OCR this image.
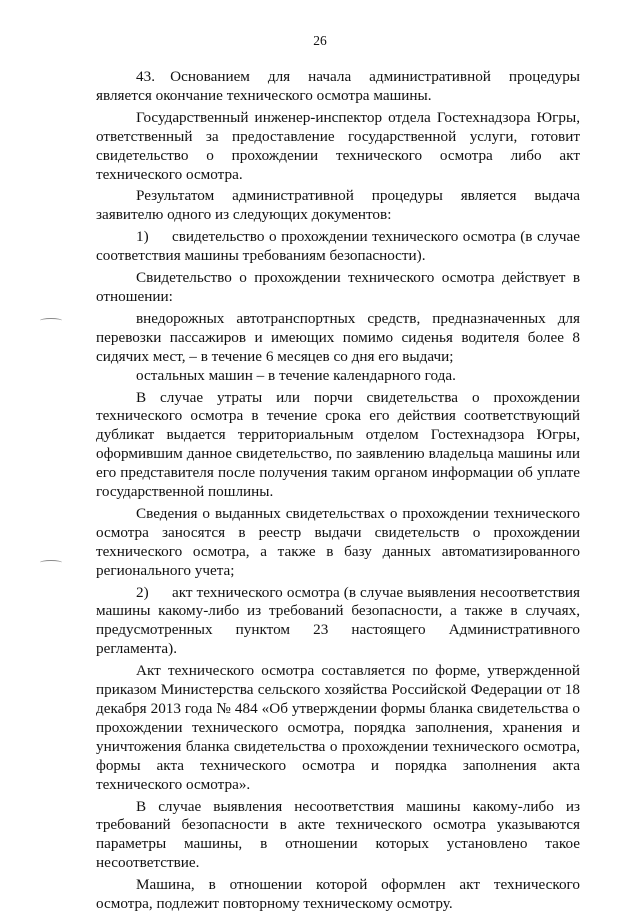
26

43. Основанием для начала административной процедуры является окончание технического осмотра машины.

Государственный инженер-инспектор отдела Гостехнадзора Югры, ответственный за предоставление государственной услуги, готовит свидетельство о прохождении технического осмотра либо акт технического осмотра.

Результатом административной процедуры является выдача заявителю одного из следующих документов:

1) свидетельство о прохождении технического осмотра (в случае соответствия машины требованиям безопасности).

Свидетельство о прохождении технического осмотра действует в отношении:

внедорожных автотранспортных средств, предназначенных для перевозки пассажиров и имеющих помимо сиденья водителя более 8 сидячих мест, – в течение 6 месяцев со дня его выдачи;

остальных машин – в течение календарного года.

В случае утраты или порчи свидетельства о прохождении технического осмотра в течение срока его действия соответствующий дубликат выдается территориальным отделом Гостехнадзора Югры, оформившим данное свидетельство, по заявлению владельца машины или его представителя после получения таким органом информации об уплате государственной пошлины.

Сведения о выданных свидетельствах о прохождении технического осмотра заносятся в реестр выдачи свидетельств о прохождении технического осмотра, а также в базу данных автоматизированного регионального учета;

2) акт технического осмотра (в случае выявления несоответствия машины какому-либо из требований безопасности, а также в случаях, предусмотренных пунктом 23 настоящего Административного регламента).

Акт технического осмотра составляется по форме, утвержденной приказом Министерства сельского хозяйства Российской Федерации от 18 декабря 2013 года № 484 «Об утверждении формы бланка свидетельства о прохождении технического осмотра, порядка заполнения, хранения и уничтожения бланка свидетельства о прохождении технического осмотра, формы акта технического осмотра и порядка заполнения акта технического осмотра».

В случае выявления несоответствия машины какому-либо из требований безопасности в акте технического осмотра указываются параметры машины, в отношении которых установлено такое несоответствие.

Машина, в отношении которой оформлен акт технического осмотра, подлежит повторному техническому осмотру.
